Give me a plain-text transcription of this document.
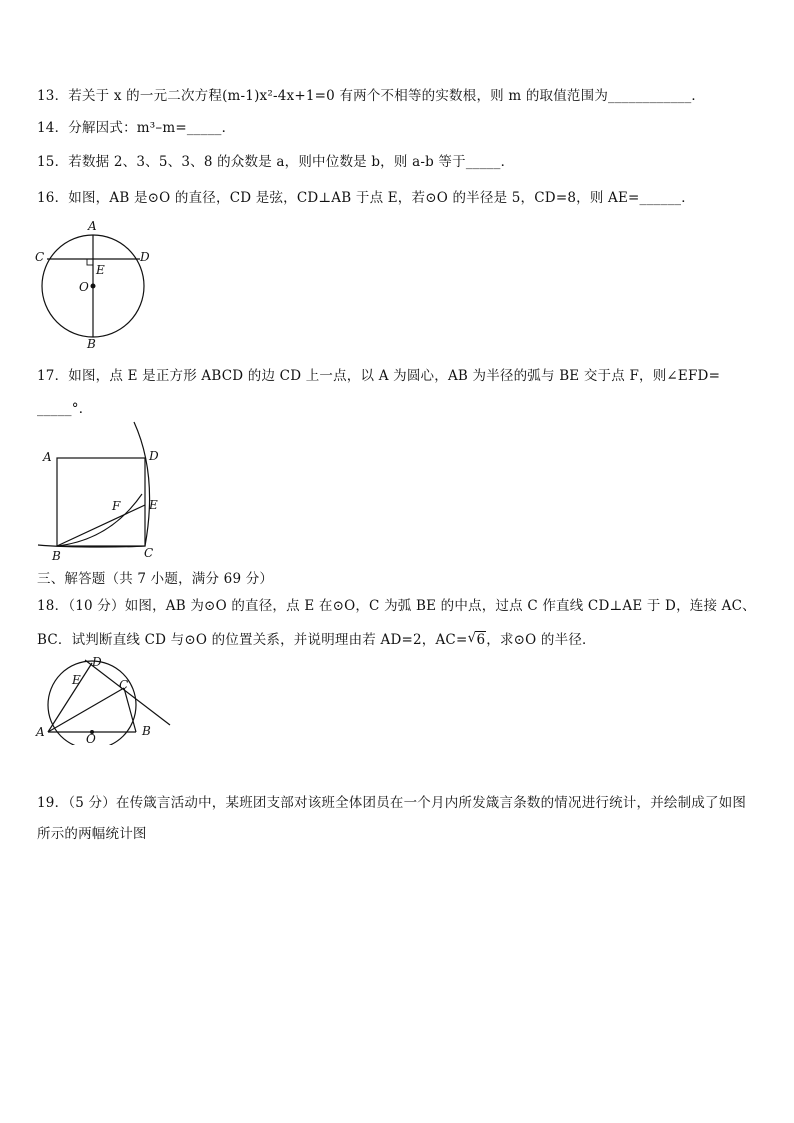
13．若关于 x 的一元二次方程(m-1)x²-4x+1=0 有两个不相等的实数根，则 m 的取值范围为____________．
14．分解因式：m³–m=_____．
15．若数据 2、3、5、3、8 的众数是 a，则中位数是 b，则 a-b 等于_____．
16．如图，AB 是⊙O 的直径，CD 是弦，CD⊥AB 于点 E，若⊙O 的半径是 5，CD=8，则 AE=______．
A
C	D
E
O
B
17．如图，点 E 是正方形 ABCD 的边 CD 上一点，以 A 为圆心，AB 为半径的弧与 BE 交于点 F，则∠EFD=
_____°．
A	D
E
F
B	C
三、解答题（共 7 小题，满分 69 分）
18．（10 分）如图，AB 为⊙O 的直径，点 E 在⊙O，C 为弧 BE 的中点，过点 C 作直线 CD⊥AE 于 D，连接 AC、
BC．试判断直线 CD 与⊙O 的位置关系，并说明理由若 AD=2，AC=√ 6，求⊙O 的半径．
D
E	C
A	O
B
19．（5 分）在传箴言活动中，某班团支部对该班全体团员在一个月内所发箴言条数的情况进行统计，并绘制成了如图
所示的两幅统计图
